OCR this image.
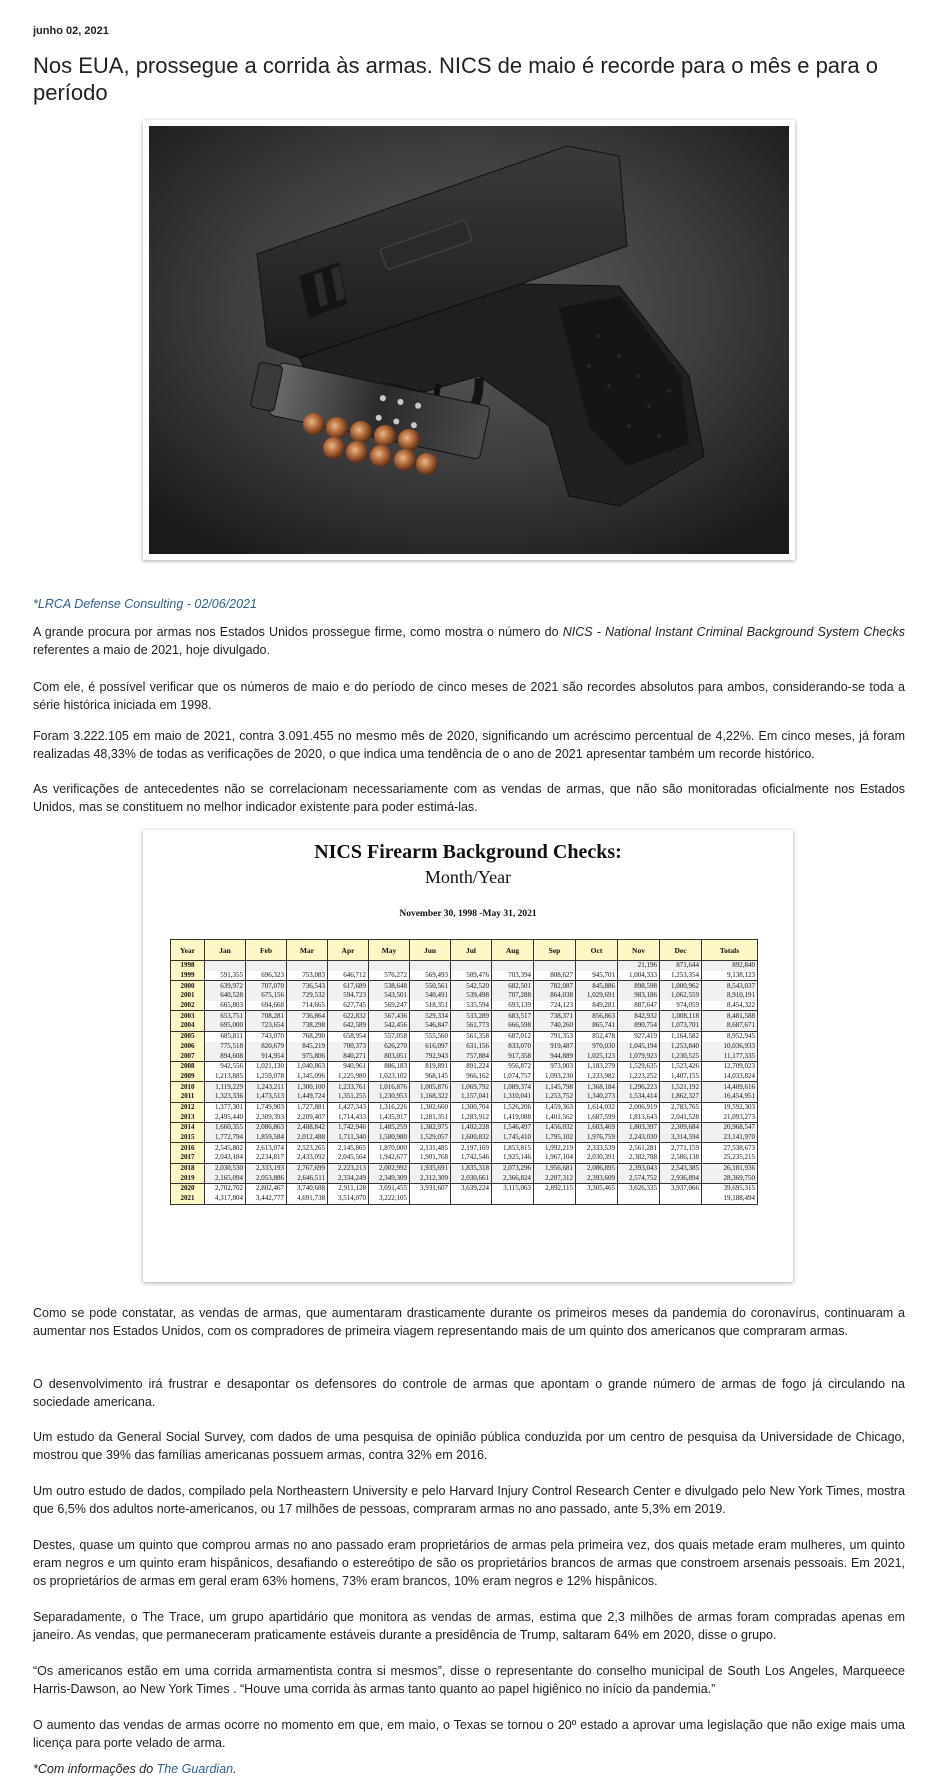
junho 02, 2021
Nos EUA, prossegue a corrida às armas. NICS de maio é recorde para o mês e para o período
*LRCA Defense Consulting - 02/06/2021

A grande procura por armas nos Estados Unidos prossegue firme, como mostra o número do NICS - National Instant Criminal Background System Checks referentes a maio de 2021, hoje divulgado.

Com ele, é possível verificar que os números de maio e do período de cinco meses de 2021 são recordes absolutos para ambos, considerando-se toda a série histórica iniciada em 1998.

Foram 3.222.105 em maio de 2021, contra 3.091.455 no mesmo mês de 2020, significando um acréscimo percentual de 4,22%. Em cinco meses, já foram realizadas 48,33% de todas as verificações de 2020, o que indica uma tendência de o ano de 2021 apresentar também um recorde histórico.

As verificações de antecedentes não se correlacionam necessariamente com as vendas de armas, que não são monitoradas oficialmente nos Estados Unidos, mas se constituem no melhor indicador existente para poder estimá-las.

NICS Firearm Background Checks:
Month/Year
November 30, 1998 -May 31, 2021
Year	Jan	Feb	Mar	Apr	May	Jun	Jul	Aug	Sep	Oct	Nov	Dec	Totals
1998											21,196	871,644	892,840
1999	591,355	696,323	753,083	646,712	576,272	569,493	589,476	703,394	808,627	945,701	1,004,333	1,253,354	9,138,123
2000	639,972	707,070	736,543	617,689	538,648	550,561	542,520	682,501	782,087	845,886	898,598	1,000,962	8,543,037
2001	640,528	675,156	729,532	594,723	543,501	540,491	539,498	707,288	864,038	1,029,691	983,186	1,062,559	8,910,191
2002	665,803	694,668	714,665	627,745	569,247	518,351	535,594	693,139	724,123	849,281	887,647	974,059	8,454,322
2003	653,751	708,281	736,864	622,832	567,436	529,334	533,289	683,517	738,371	856,863	842,932	1,008,118	8,481,588
2004	695,000	723,654	738,298	642,589	542,456	546,847	561,773	666,598	740,260	865,741	890,754	1,073,701	8,687,671
2005	685,811	743,070	768,290	658,954	557,058	555,560	561,358	687,012	791,353	852,478	927,419	1,164,582	8,952,945
2006	775,518	820,679	845,219	700,373	626,270	616,097	631,156	833,070	919,487	970,030	1,045,194	1,253,840	10,036,933
2007	894,608	914,954	975,806	840,271	803,051	792,943	757,884	917,358	944,889	1,025,123	1,079,923	1,230,525	11,177,335
2008	942,556	1,021,130	1,040,863	940,961	886,183	819,891	891,224	956,872	973,003	1,183,279	1,529,635	1,523,426	12,709,023
2009	1,213,885	1,259,078	1,345,096	1,225,980	1,023,102	968,145	966,162	1,074,757	1,093,230	1,233,982	1,223,252	1,407,155	14,033,824
2010	1,119,229	1,243,211	1,300,100	1,233,761	1,016,876	1,005,876	1,069,792	1,089,374	1,145,798	1,368,184	1,296,223	1,521,192	14,409,616
2011	1,323,336	1,473,513	1,449,724	1,351,255	1,230,953	1,168,322	1,157,041	1,310,041	1,253,752	1,340,273	1,534,414	1,862,327	16,454,951
2012	1,377,301	1,749,903	1,727,881	1,427,343	1,316,226	1,302,660	1,300,704	1,526,206	1,459,363	1,614,032	2,006,919	2,783,765	19,592,303
2013	2,495,440	2,309,393	2,209,407	1,714,433	1,435,917	1,281,351	1,283,912	1,419,088	1,401,562	1,687,599	1,813,643	2,041,528	21,093,273
2014	1,660,355	2,086,863	2,488,842	1,742,946	1,485,259	1,382,975	1,402,228	1,546,497	1,456,032	1,603,469	1,803,397	2,309,684	20,968,547
2015	1,772,794	1,859,584	2,012,488	1,711,340	1,580,980	1,529,057	1,600,832	1,745,410	1,795,102	1,976,759	2,243,030	3,314,594	23,141,970
2016	2,545,802	2,613,074	2,523,265	2,145,865	1,870,000	2,131,485	2,197,169	1,853,815	1,992,219	2,333,539	2,561,281	2,771,159	27,538,673
2017	2,043,184	2,234,817	2,433,092	2,045,564	1,942,677	1,901,768	1,742,546	1,925,146	1,967,104	2,030,391	2,382,788	2,586,138	25,235,215
2018	2,030,530	2,333,193	2,767,699	2,223,213	2,002,992	1,935,691	1,835,318	2,073,296	1,956,681	2,086,895	2,393,043	2,543,385	26,181,936
2019	2,165,094	2,053,886	2,646,511	2,334,249	2,349,309	2,312,309	2,030,661	2,366,824	2,207,312	2,393,609	2,574,752	2,936,894	28,369,750
2020	2,702,702	2,802,467	3,740,688	2,911,128	3,091,455	3,931,607	3,639,224	3,115,063	2,892,115	3,305,465	3,626,335	3,937,066	39,695,315
2021	4,317,804	3,442,777	4,691,738	3,514,070	3,222,105								19,188,494

Como se pode constatar, as vendas de armas, que aumentaram drasticamente durante os primeiros meses da pandemia do coronavírus, continuaram a aumentar nos Estados Unidos, com os compradores de primeira viagem representando mais de um quinto dos americanos que compraram armas.

O desenvolvimento irá frustrar e desapontar os defensores do controle de armas que apontam o grande número de armas de fogo já circulando na sociedade americana.

Um estudo da General Social Survey, com dados de uma pesquisa de opinião pública conduzida por um centro de pesquisa da Universidade de Chicago, mostrou que 39% das famílias americanas possuem armas, contra 32% em 2016.

Um outro estudo de dados, compilado pela Northeastern University e pelo Harvard Injury Control Research Center e divulgado pelo New York Times, mostra que 6,5% dos adultos norte-americanos, ou 17 milhões de pessoas, compraram armas no ano passado, ante 5,3% em 2019.

Destes, quase um quinto que comprou armas no ano passado eram proprietários de armas pela primeira vez, dos quais metade eram mulheres, um quinto eram negros e um quinto eram hispânicos, desafiando o estereótipo de são os proprietários brancos de armas que constroem arsenais pessoais. Em 2021, os proprietários de armas em geral eram 63% homens, 73% eram brancos, 10% eram negros e 12% hispânicos.

Separadamente, o The Trace, um grupo apartidário que monitora as vendas de armas, estima que 2,3 milhões de armas foram compradas apenas em janeiro. As vendas, que permaneceram praticamente estáveis durante a presidência de Trump, saltaram 64% em 2020, disse o grupo.

“Os americanos estão em uma corrida armamentista contra si mesmos”, disse o representante do conselho municipal de South Los Angeles, Marqueece Harris-Dawson, ao New York Times . “Houve uma corrida às armas tanto quanto ao papel higiênico no início da pandemia.”

O aumento das vendas de armas ocorre no momento em que, em maio, o Texas se tornou o 20º estado a aprovar uma legislação que não exige mais uma licença para porte velado de arma.

*Com informações do The Guardian.
